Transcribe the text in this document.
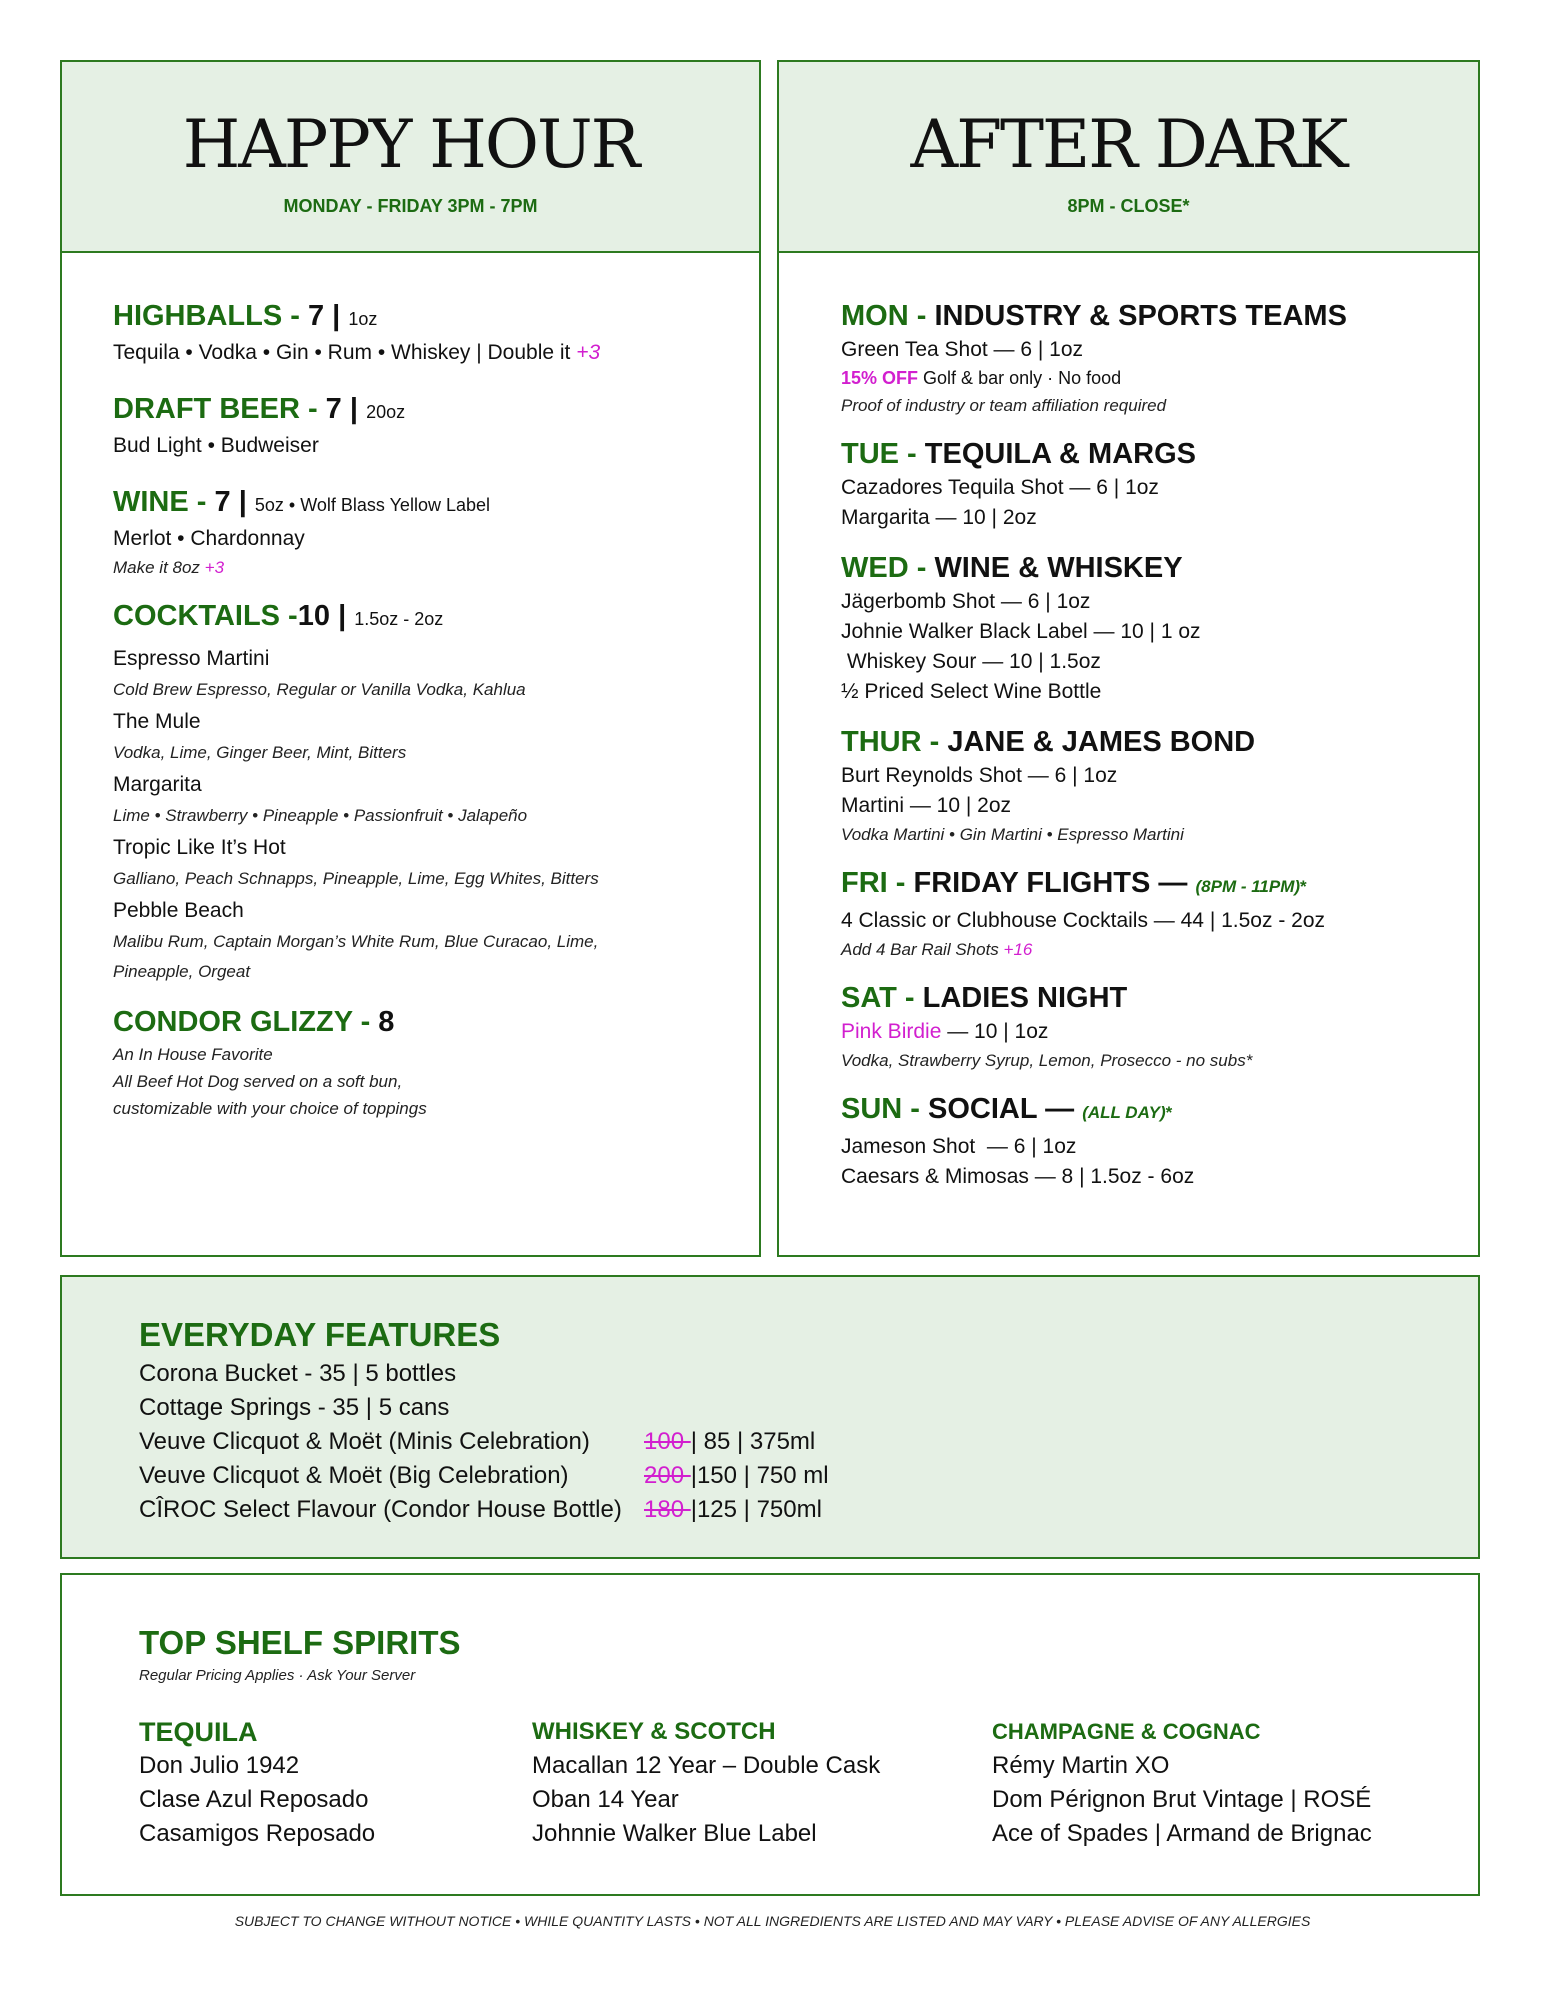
HAPPY HOUR
MONDAY - FRIDAY 3PM - 7PM
HIGHBALLS - 7 | 1oz
Tequila • Vodka • Gin • Rum • Whiskey | Double it +3
DRAFT BEER - 7 | 20oz
Bud Light • Budweiser
WINE - 7 | 5oz • Wolf Blass Yellow Label
Merlot • Chardonnay
Make it 8oz +3
COCKTAILS -10 | 1.5oz - 2oz
Espresso Martini
Cold Brew Espresso, Regular or Vanilla Vodka, Kahlua
The Mule
Vodka, Lime, Ginger Beer, Mint, Bitters
Margarita
Lime • Strawberry • Pineapple • Passionfruit • Jalapeño
Tropic Like It’s Hot
Galliano, Peach Schnapps, Pineapple, Lime, Egg Whites, Bitters
Pebble Beach
Malibu Rum, Captain Morgan’s White Rum, Blue Curacao, Lime,
Pineapple, Orgeat
CONDOR GLIZZY - 8
An In House Favorite
All Beef Hot Dog served on a soft bun,
customizable with your choice of toppings
AFTER DARK
8PM - CLOSE*
MON - INDUSTRY & SPORTS TEAMS
Green Tea Shot — 6 | 1oz
15% OFF Golf & bar only · No food
Proof of industry or team affiliation required
TUE - TEQUILA & MARGS
Cazadores Tequila Shot — 6 | 1oz
Margarita — 10 | 2oz
WED - WINE & WHISKEY
Jägerbomb Shot — 6 | 1oz
Johnie Walker Black Label — 10 | 1 oz
Whiskey Sour — 10 | 1.5oz
½ Priced Select Wine Bottle
THUR - JANE & JAMES BOND
Burt Reynolds Shot — 6 | 1oz
Martini — 10 | 2oz
Vodka Martini • Gin Martini • Espresso Martini
FRI - FRIDAY FLIGHTS — (8PM - 11PM)*
4 Classic or Clubhouse Cocktails — 44 | 1.5oz - 2oz
Add 4 Bar Rail Shots +16
SAT - LADIES NIGHT
Pink Birdie — 10 | 1oz
Vodka, Strawberry Syrup, Lemon, Prosecco - no subs*
SUN - SOCIAL — (ALL DAY)*
Jameson Shot  — 6 | 1oz
Caesars & Mimosas — 8 | 1.5oz - 6oz
EVERYDAY FEATURES
Corona Bucket - 35 | 5 bottles
Cottage Springs - 35 | 5 cans
Veuve Clicquot & Moët (Minis Celebration) 100 | 85 | 375ml
Veuve Clicquot & Moët (Big Celebration)	200 |150 | 750 ml
CÎROC Select Flavour (Condor House Bottle) 180 |125 | 750ml
TOP SHELF SPIRITS
Regular Pricing Applies · Ask Your Server
TEQUILA
Don Julio 1942
Clase Azul Reposado
Casamigos Reposado
WHISKEY & SCOTCH
Macallan 12 Year – Double Cask
Oban 14 Year
Johnnie Walker Blue Label
CHAMPAGNE & COGNAC
Rémy Martin XO
Dom Pérignon Brut Vintage | ROSÉ
Ace of Spades | Armand de Brignac
SUBJECT TO CHANGE WITHOUT NOTICE • WHILE QUANTITY LASTS • NOT ALL INGREDIENTS ARE LISTED AND MAY VARY • PLEASE ADVISE OF ANY ALLERGIES
